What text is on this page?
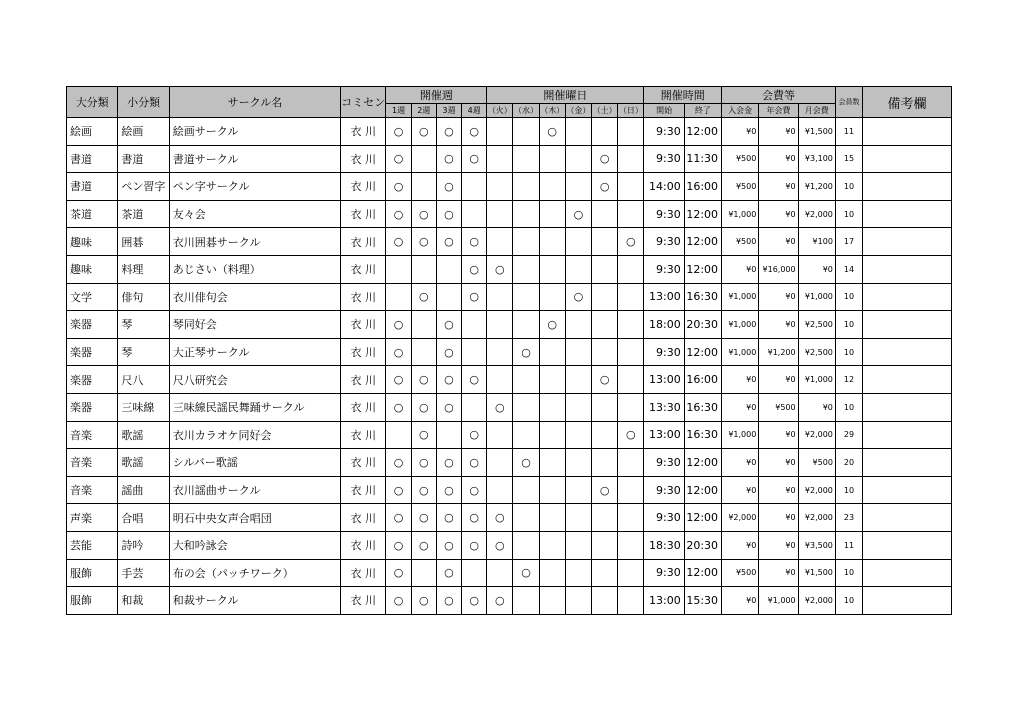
大分類	小分類	サークル名	コミセン	開催週				開催曜日						開催時間		会費等			会員数	備考欄
				1週	2週	3週	4週	（火）	（水）	（木）	（金）	（土）	（日）	開始	終了	入会金	年会費	月会費		
絵画	絵画	絵画サークル	衣 川	○	○	○	○			○				9:30	12:00	¥0	¥0	¥1,500	11	
書道	書道	書道サークル	衣 川	○		○	○					○		9:30	11:30	¥500	¥0	¥3,100	15	
書道	ペン習字	ペン字サークル	衣 川	○		○						○		14:00	16:00	¥500	¥0	¥1,200	10	
茶道	茶道	友々会	衣 川	○	○	○					○			9:30	12:00	¥1,000	¥0	¥2,000	10	
趣味	囲碁	衣川囲碁サークル	衣 川	○	○	○	○						○	9:30	12:00	¥500	¥0	¥100	17	
趣味	料理	あじさい（料理）	衣 川				○	○						9:30	12:00	¥0	¥16,000	¥0	14	
文学	俳句	衣川俳句会	衣 川		○		○				○			13:00	16:30	¥1,000	¥0	¥1,000	10	
楽器	琴	琴同好会	衣 川	○		○				○				18:00	20:30	¥1,000	¥0	¥2,500	10	
楽器	琴	大正琴サークル	衣 川	○		○			○					9:30	12:00	¥1,000	¥1,200	¥2,500	10	
楽器	尺八	尺八研究会	衣 川	○	○	○	○					○		13:00	16:00	¥0	¥0	¥1,000	12	
楽器	三味線	三味線民謡民舞踊サークル	衣 川	○	○	○		○						13:30	16:30	¥0	¥500	¥0	10	
音楽	歌謡	衣川カラオケ同好会	衣 川		○		○						○	13:00	16:30	¥1,000	¥0	¥2,000	29	
音楽	歌謡	シルバー歌謡	衣 川	○	○	○	○		○					9:30	12:00	¥0	¥0	¥500	20	
音楽	謡曲	衣川謡曲サークル	衣 川	○	○	○	○					○		9:30	12:00	¥0	¥0	¥2,000	10	
声楽	合唱	明石中央女声合唱団	衣 川	○	○	○	○	○						9:30	12:00	¥2,000	¥0	¥2,000	23	
芸能	詩吟	大和吟詠会	衣 川	○	○	○	○	○						18:30	20:30	¥0	¥0	¥3,500	11	
服飾	手芸	布の会（パッチワーク）	衣 川	○		○			○					9:30	12:00	¥500	¥0	¥1,500	10	
服飾	和裁	和裁サークル	衣 川	○	○	○	○	○						13:00	15:30	¥0	¥1,000	¥2,000	10	
